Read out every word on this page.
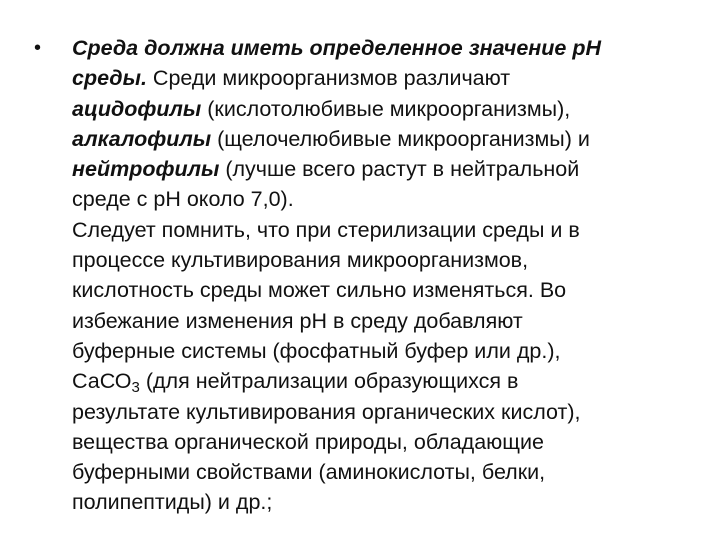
• Среда должна иметь определенное значение рН
среды. Среди микроорганизмов различают
ацидофилы (кислотолюбивые микроорганизмы),
алкалофилы (щелочелюбивые микроорганизмы) и
нейтрофилы (лучше всего растут в нейтральной
среде с рН около 7,0).
Следует помнить, что при стерилизации среды и в
процессе культивирования микроорганизмов,
кислотность среды может сильно изменяться. Во
избежание изменения рН в среду добавляют
буферные системы (фосфатный буфер или др.),
СаСО$_3$ (для нейтрализации образующихся в
результате культивирования органических кислот),
вещества органической природы, обладающие
буферными свойствами (аминокислоты, белки,
полипептиды) и др.;
